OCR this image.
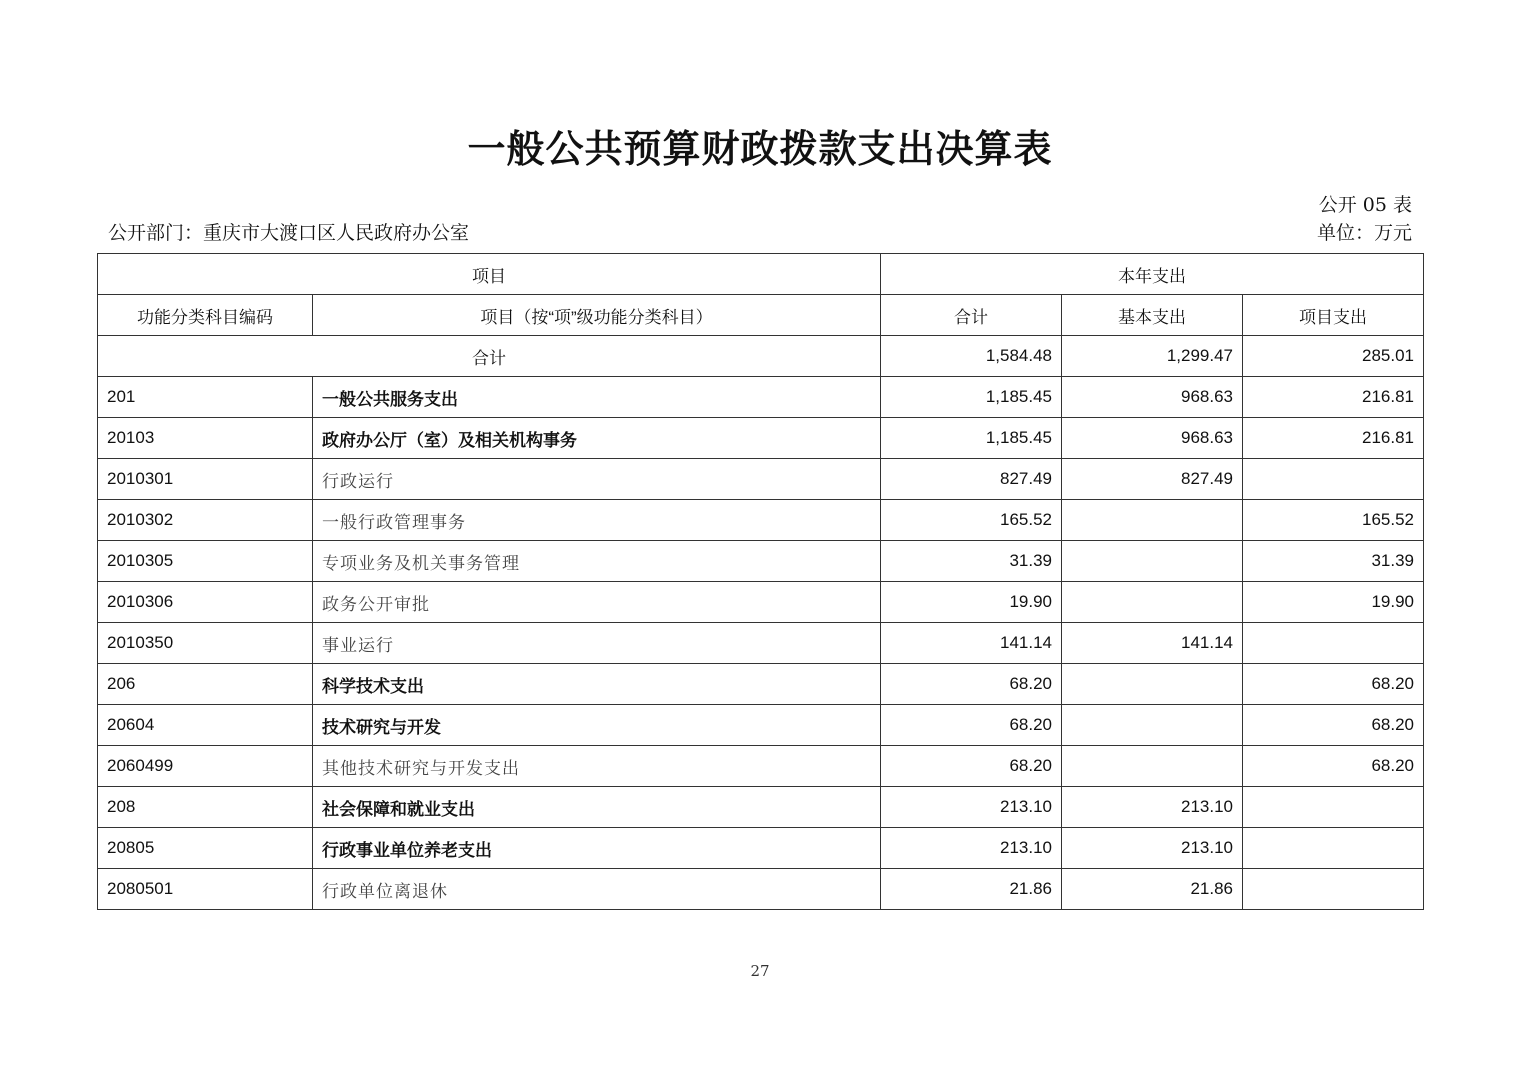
一般公共预算财政拨款支出决算表
公开 05 表
公开部门：重庆市大渡口区人民政府办公室	单位：万元
项目		本年支出		
功能分类科目编码	项目（按“项”级功能分类科目）	合计	基本支出	项目支出
合计		1,584.48	1,299.47	285.01
201	一般公共服务支出	1,185.45	968.63	216.81
20103	政府办公厅（室）及相关机构事务	1,185.45	968.63	216.81
2010301	行政运行	827.49	827.49	
2010302	一般行政管理事务	165.52		165.52
2010305	专项业务及机关事务管理	31.39		31.39
2010306	政务公开审批	19.90		19.90
2010350	事业运行	141.14	141.14	
206	科学技术支出	68.20		68.20
20604	技术研究与开发	68.20		68.20
2060499	其他技术研究与开发支出	68.20		68.20
208	社会保障和就业支出	213.10	213.10	
20805	行政事业单位养老支出	213.10	213.10	
2080501	行政单位离退休	21.86	21.86	
27
